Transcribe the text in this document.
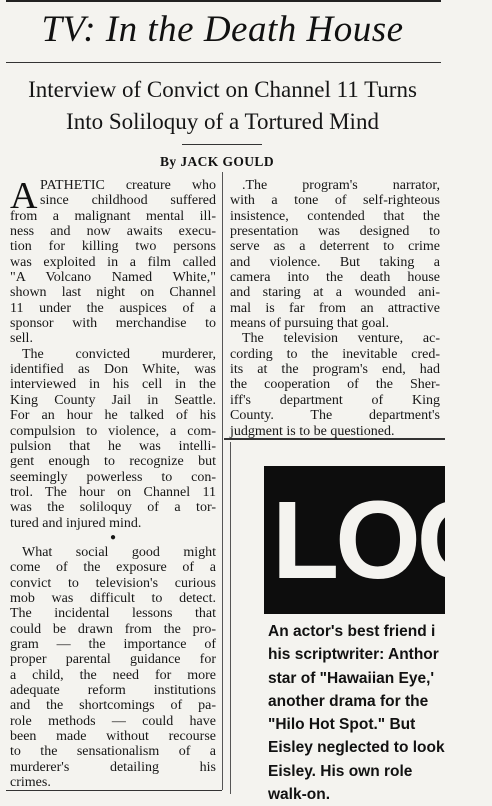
TV: In the Death House
Interview of Convict on Channel 11 Turns
Into Soliloquy of a Tortured Mind
By JACK GOULD
A PATHETIC creature who
since childhood suffered
from a malignant mental ill-
ness and now awaits execu-
tion for killing two persons
was exploited in a film called
"A Volcano Named White,"
shown last night on Channel
11 under the auspices of a
sponsor with merchandise to
sell.
The convicted murderer,
identified as Don White, was
interviewed in his cell in the
King County Jail in Seattle.
For an hour he talked of his
compulsion to violence, a com-
pulsion that he was intelli-
gent enough to recognize but
seemingly powerless to con-
trol. The hour on Channel 11
was the soliloquy of a tor-
tured and injured mind.
●
What social good might
come of the exposure of a
convict to television's curious
mob was difficult to detect.
The incidental lessons that
could be drawn from the pro-
gram — the importance of
proper parental guidance for
a child, the need for more
adequate reform institutions
and the shortcomings of pa-
role methods — could have
been made without recourse
to the sensationalism of a
murderer's detailing his
crimes.
.The program's narrator,
with a tone of self-righteous
insistence, contended that the
presentation was designed to
serve as a deterrent to crime
and violence. But taking a
camera into the death house
and staring at a wounded ani-
mal is far from an attractive
means of pursuing that goal.
The television venture, ac-
cording to the inevitable cred-
its at the program's end, had
the cooperation of the Sher-
iff's department of King
County. The department's
judgment is to be questioned.
LOC
An actor's best friend i
his scriptwriter: Anthor
star of "Hawaiian Eye,'
another drama for the
"Hilo Hot Spot." But
Eisley neglected to look
Eisley. His own role
walk-on.
